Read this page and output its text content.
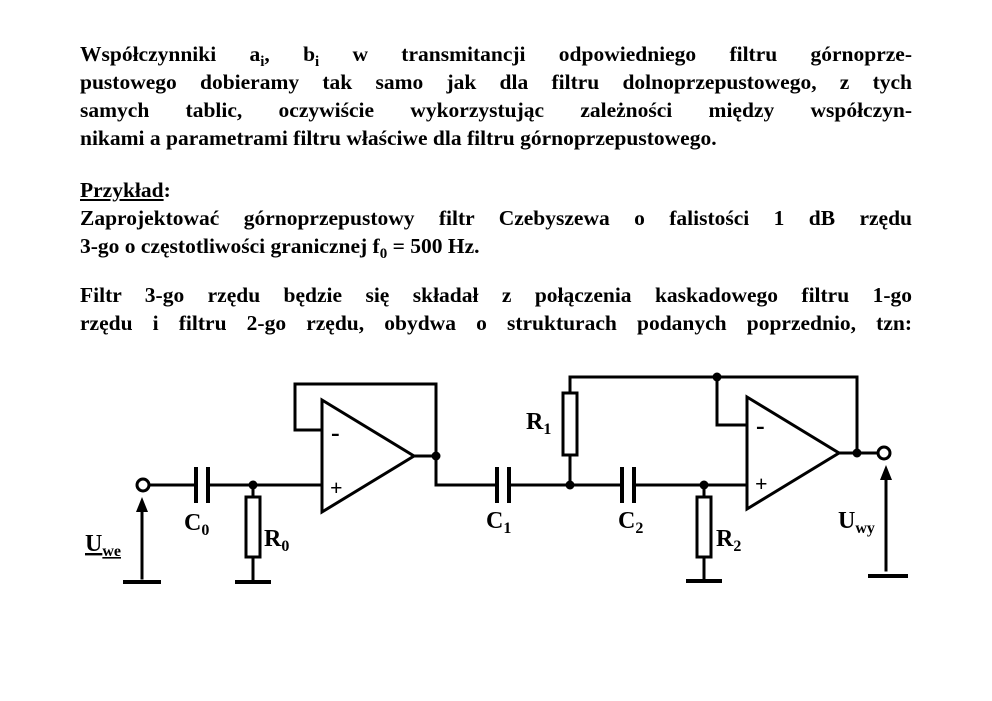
Współczynniki $a_i$, $b_i$ w transmitancji odpowiedniego filtru górnoprze-
pustowego dobieramy tak samo jak dla filtru dolnoprzepustowego, z tych
samych tablic, oczywiście wykorzystując zależności między współczyn-
nikami a parametrami filtru właściwe dla filtru górnoprzepustowego.
Przykład:
Zaprojektować górnoprzepustowy filtr Czebyszewa o falistości 1 dB rzędu
3-go o częstotliwości granicznej $f_0 = 500$ Hz.
Filtr 3-go rzędu będzie się składał z połączenia kaskadowego filtru 1-go
rzędu i filtru 2-go rzędu, obydwa o strukturach podanych poprzednio, tzn:
-
+
-
+
$C_0$ $R_0$
$C_1$
$R_1$
$C_2$	$R_2$
$U_{we}$
$U_{wy}$
